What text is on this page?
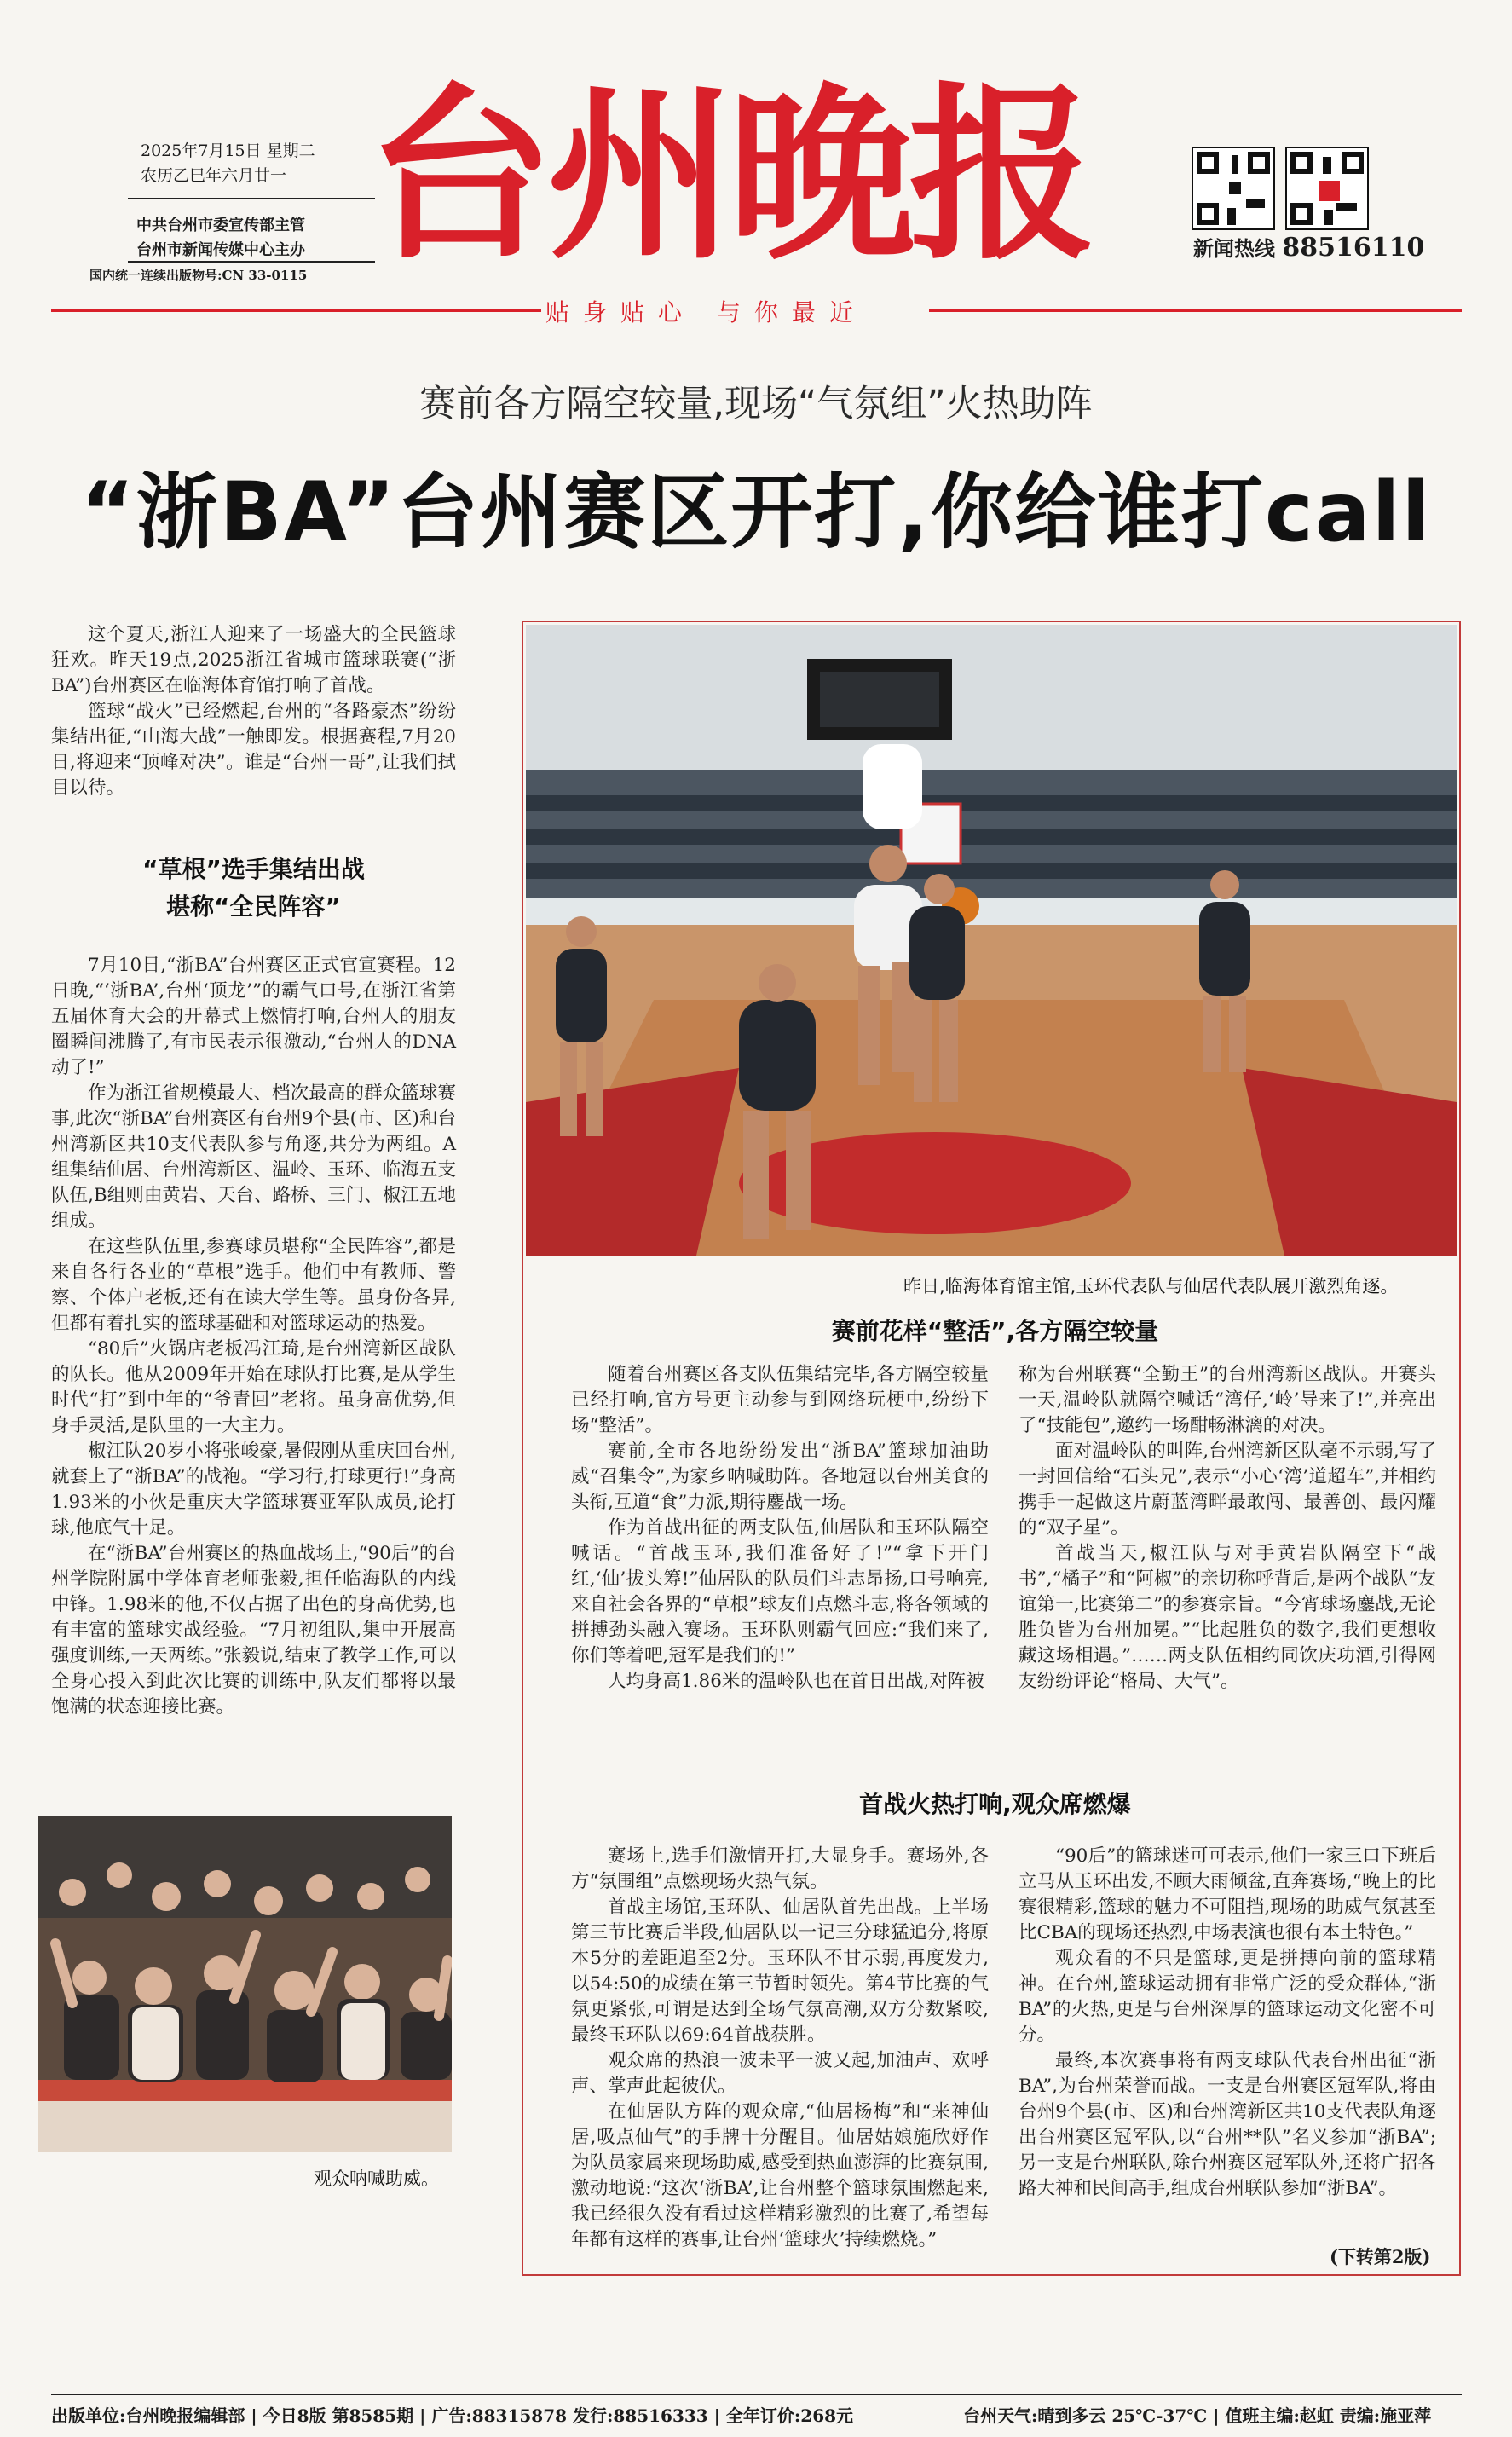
2025年7月15日 星期二
农历乙巳年六月廿一
中共台州市委宣传部主管
台州市新闻传媒中心主办
国内统一连续出版物号:CN 33-0115 台州晚报
贴身贴心 与你最近
新闻热线 88516110
赛前各方隔空较量,现场“气氛组”火热助阵
“浙BA”台州赛区开打,你给谁打call

这个夏天,浙江人迎来了一场盛大的全民篮球狂欢。昨天19点,2025浙江省城市篮球联赛(“浙BA”)台州赛区在临海体育馆打响了首战。

篮球“战火”已经燃起,台州的“各路豪杰”纷纷集结出征,“山海大战”一触即发。根据赛程,7月20日,将迎来“顶峰对决”。谁是“台州一哥”,让我们拭目以待。

“草根”选手集结出战
堪称“全民阵容”

7月10日,“浙BA”台州赛区正式官宣赛程。12日晚,“‘浙BA’,台州‘顶龙’”的霸气口号,在浙江省第五届体育大会的开幕式上燃情打响,台州人的朋友圈瞬间沸腾了,有市民表示很激动,“台州人的DNA动了!”

作为浙江省规模最大、档次最高的群众篮球赛事,此次“浙BA”台州赛区有台州9个县(市、区)和台州湾新区共10支代表队参与角逐,共分为两组。A组集结仙居、台州湾新区、温岭、玉环、临海五支队伍,B组则由黄岩、天台、路桥、三门、椒江五地组成。

在这些队伍里,参赛球员堪称“全民阵容”,都是来自各行各业的“草根”选手。他们中有教师、警察、个体户老板,还有在读大学生等。虽身份各异,但都有着扎实的篮球基础和对篮球运动的热爱。

“80后”火锅店老板冯江琦,是台州湾新区战队的队长。他从2009年开始在球队打比赛,是从学生时代“打”到中年的“爷青回”老将。虽身高优势,但身手灵活,是队里的一大主力。

椒江队20岁小将张峻豪,暑假刚从重庆回台州,就套上了“浙BA”的战袍。“学习行,打球更行!”身高1.93米的小伙是重庆大学篮球赛亚军队成员,论打球,他底气十足。

在“浙BA”台州赛区的热血战场上,“90后”的台州学院附属中学体育老师张毅,担任临海队的内线中锋。1.98米的他,不仅占据了出色的身高优势,也有丰富的篮球实战经验。“7月初组队,集中开展高强度训练,一天两练。”张毅说,结束了教学工作,可以全身心投入到此次比赛的训练中,队友们都将以最饱满的状态迎接比赛。

观众呐喊助威。
昨日,临海体育馆主馆,玉环代表队与仙居代表队展开激烈角逐。
赛前花样“整活”,各方隔空较量

随着台州赛区各支队伍集结完毕,各方隔空较量已经打响,官方号更主动参与到网络玩梗中,纷纷下场“整活”。

赛前,全市各地纷纷发出“浙BA”篮球加油助威“召集令”,为家乡呐喊助阵。各地冠以台州美食的头衔,互道“食”力派,期待鏖战一场。

作为首战出征的两支队伍,仙居队和玉环队隔空喊话。“首战玉环,我们准备好了!”“拿下开门红,‘仙’拔头筹!”仙居队的队员们斗志昂扬,口号响亮,来自社会各界的“草根”球友们点燃斗志,将各领域的拼搏劲头融入赛场。玉环队则霸气回应:“我们来了,你们等着吧,冠军是我们的!”

人均身高1.86米的温岭队也在首日出战,对阵被

称为台州联赛“全勤王”的台州湾新区战队。开赛头一天,温岭队就隔空喊话“湾仔,‘岭’导来了!”,并亮出了“技能包”,邀约一场酣畅淋漓的对决。

面对温岭队的叫阵,台州湾新区队毫不示弱,写了一封回信给“石头兄”,表示“小心‘湾’道超车”,并相约携手一起做这片蔚蓝湾畔最敢闯、最善创、最闪耀的“双子星”。

首战当天,椒江队与对手黄岩队隔空下“战书”,“橘子”和“阿椒”的亲切称呼背后,是两个战队“友谊第一,比赛第二”的参赛宗旨。“今宵球场鏖战,无论胜负皆为台州加冕。”“比起胜负的数字,我们更想收藏这场相遇。”……两支队伍相约同饮庆功酒,引得网友纷纷评论“格局、大气”。

首战火热打响,观众席燃爆

赛场上,选手们激情开打,大显身手。赛场外,各方“氛围组”点燃现场火热气氛。

首战主场馆,玉环队、仙居队首先出战。上半场第三节比赛后半段,仙居队以一记三分球猛追分,将原本5分的差距追至2分。玉环队不甘示弱,再度发力,以54:50的成绩在第三节暂时领先。第4节比赛的气氛更紧张,可谓是达到全场气氛高潮,双方分数紧咬,最终玉环队以69:64首战获胜。

观众席的热浪一波未平一波又起,加油声、欢呼声、掌声此起彼伏。

在仙居队方阵的观众席,“仙居杨梅”和“来神仙居,吸点仙气”的手牌十分醒目。仙居姑娘施欣妤作为队员家属来现场助威,感受到热血澎湃的比赛氛围,激动地说:“这次‘浙BA’,让台州整个篮球氛围燃起来,我已经很久没有看过这样精彩激烈的比赛了,希望每年都有这样的赛事,让台州‘篮球火’持续燃烧。”

“90后”的篮球迷可可表示,他们一家三口下班后立马从玉环出发,不顾大雨倾盆,直奔赛场,“晚上的比赛很精彩,篮球的魅力不可阻挡,现场的助威气氛甚至比CBA的现场还热烈,中场表演也很有本土特色。”

观众看的不只是篮球,更是拼搏向前的篮球精神。在台州,篮球运动拥有非常广泛的受众群体,“浙BA”的火热,更是与台州深厚的篮球运动文化密不可分。

最终,本次赛事将有两支球队代表台州出征“浙BA”,为台州荣誉而战。一支是台州赛区冠军队,将由台州9个县(市、区)和台州湾新区共10支代表队角逐出台州赛区冠军队,以“台州**队”名义参加“浙BA”;另一支是台州联队,除台州赛区冠军队外,还将广招各路大神和民间高手,组成台州联队参加“浙BA”。

(下转第2版)
出版单位:台州晚报编辑部 | 今日8版 第8585期 | 广告:88315878 发行:88516333 | 全年订价:268元	台州天气:晴到多云 25℃-37℃ | 值班主编:赵虹 责编:施亚萍
